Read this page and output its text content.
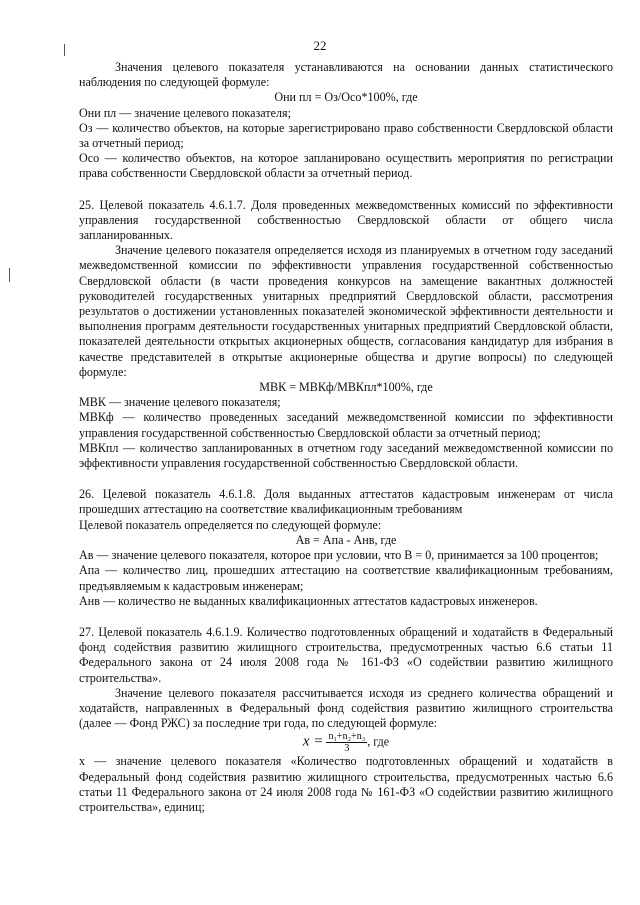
22

Значения целевого показателя устанавливаются на основании данных статистического наблюдения по следующей формуле:

Они пл = Оз/Осо*100%, где

Они пл — значение целевого показателя;

Оз — количество объектов, на которые зарегистрировано право собственности Свердловской области за отчетный период;

Осо — количество объектов, на которое запланировано осуществить мероприятия по регистрации права собственности Свердловской области за отчетный период.

25. Целевой показатель 4.6.1.7. Доля проведенных межведомственных комиссий по эффективности управления государственной собственностью Свердловской области от общего числа запланированных.

Значение целевого показателя определяется исходя из планируемых в отчетном году заседаний межведомственной комиссии по эффективности управления государственной собственностью Свердловской области (в части проведения конкурсов на замещение вакантных должностей руководителей государственных унитарных предприятий Свердловской области, рассмотрения результатов о достижении установленных показателей экономической эффективности деятельности и выполнения программ деятельности государственных унитарных предприятий Свердловской области, показателей деятельности открытых акционерных обществ, согласования кандидатур для избрания в качестве представителей в открытые акционерные общества и другие вопросы) по следующей формуле:

МВК = МВКф/МВКпл*100%, где

МВК — значение целевого показателя;

МВКф — количество проведенных заседаний межведомственной комиссии по эффективности управления государственной собственностью Свердловской области за отчетный период;

МВКпл — количество запланированных в отчетном году заседаний межведомственной комиссии по эффективности управления государственной собственностью Свердловской области.

26. Целевой показатель 4.6.1.8. Доля выданных аттестатов кадастровым инженерам от числа прошедших аттестацию на соответствие квалификационным требованиям

Целевой показатель определяется по следующей формуле:

Ав = Апа - Анв, где

Ав — значение целевого показателя, которое при условии, что В = 0, принимается за 100 процентов;

Апа — количество лиц, прошедших аттестацию на соответствие квалификационным требованиям, предъявляемым к кадастровым инженерам;

Анв — количество не выданных квалификационных аттестатов кадастровых инженеров.

27. Целевой показатель 4.6.1.9. Количество подготовленных обращений и ходатайств в Федеральный фонд содействия развитию жилищного строительства, предусмотренных частью 6.6 статьи 11 Федерального закона от 24 июля 2008 года № 161-ФЗ «О содействии развитию жилищного строительства».

Значение целевого показателя рассчитывается исходя из среднего количества обращений и ходатайств, направленных в Федеральный фонд содействия развитию жилищного строительства (далее — Фонд РЖС) за последние три года, по следующей формуле:

$x = \frac{\text{n₁+n₂+n₃}}{3}$ , где

x — значение целевого показателя «Количество подготовленных обращений и ходатайств в Федеральный фонд содействия развитию жилищного строительства, предусмотренных частью 6.6 статьи 11 Федерального закона от 24 июля 2008 года № 161-ФЗ «О содействии развитию жилищного строительства», единиц;
